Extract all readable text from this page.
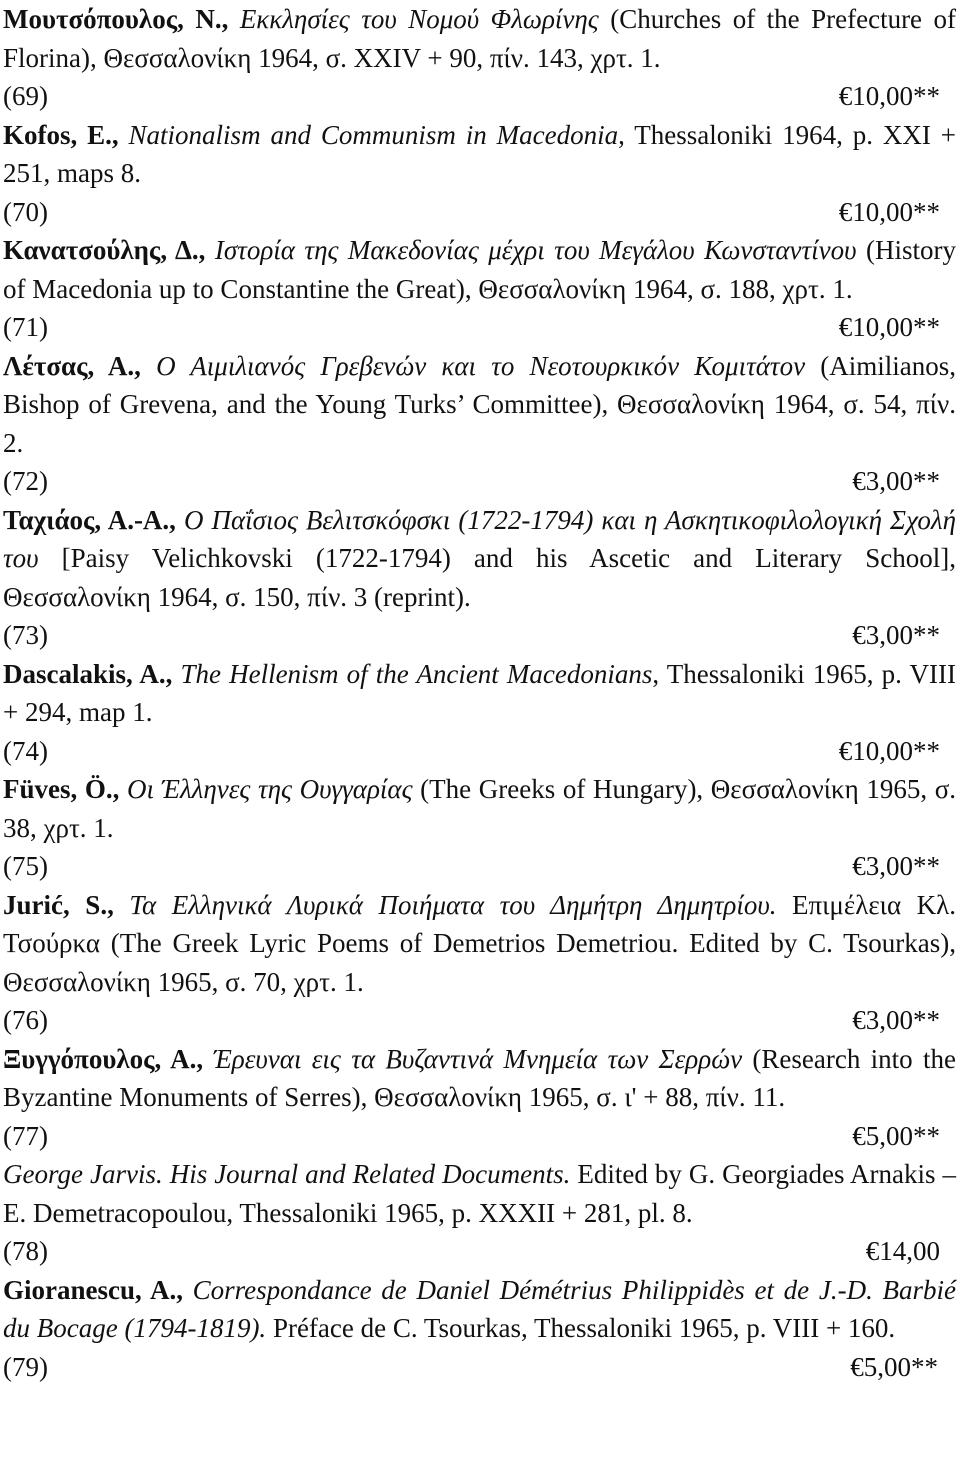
Μουτσόπουλος, Ν., Εκκλησίες του Νομού Φλωρίνης (Churches of the Prefecture of Florina), Θεσσαλονίκη 1964, σ. XXIV + 90, πίν. 143, χρτ. 1.

(69)	€10,00**

Kofos, E., Nationalism and Communism in Macedonia, Thessaloniki 1964, p. XXI + 251, maps 8.

(70)	€10,00**

Κανατσούλης, Δ., Ιστορία της Μακεδονίας μέχρι του Μεγάλου Κωνσταντίνου (History of Macedonia up to Constantine the Great), Θεσσαλονίκη 1964, σ. 188, χρτ. 1.

(71)	€10,00**

Λέτσας, Α., Ο Αιμιλιανός Γρεβενών και το Νεοτουρκικόν Κομιτάτον (Aimilianos, Bishop of Grevena, and the Young Turks’ Committee), Θεσσαλονίκη 1964, σ. 54, πίν. 2.

(72)	€3,00**

Ταχιάος, Α.-Α., Ο Παΐσιος Βελιτσκόφσκι (1722-1794) και η Ασκητικοφιλολογική Σχολή του [Paisy Velichkovski (1722-1794) and his Ascetic and Literary School], Θεσσαλονίκη 1964, σ. 150, πίν. 3 (reprint).

(73)	€3,00**

Dascalakis, A., The Hellenism of the Ancient Macedonians, Thessaloniki 1965, p. VIII + 294, map 1.

(74)	€10,00**

Füves, Ö., Οι Έλληνες της Ουγγαρίας (The Greeks of Hungary), Θεσσαλονίκη 1965, σ. 38, χρτ. 1.

(75)	€3,00**

Jurić, S., Τα Ελληνικά Λυρικά Ποιήματα του Δημήτρη Δημητρίου. Επιμέλεια Κλ. Τσούρκα (The Greek Lyric Poems of Demetrios Demetriou. Edited by C. Tsourkas), Θεσσαλονίκη 1965, σ. 70, χρτ. 1.

(76)	€3,00**

Ξυγγόπουλος, Α., Έρευναι εις τα Βυζαντινά Μνημεία των Σερρών (Research into the Byzantine Monuments of Serres), Θεσσαλονίκη 1965, σ. ι' + 88, πίν. 11.

(77)	€5,00**

George Jarvis. His Journal and Related Documents. Edited by G. Georgiades Arnakis – E. Demetracopoulou, Thessaloniki 1965, p. XXXII + 281, pl. 8.

(78)	€14,00

Gioranescu, A., Correspondance de Daniel Démétrius Philippidès et de J.-D. Barbié du Bocage (1794-1819). Préface de C. Tsourkas, Thessaloniki 1965, p. VIII + 160.

(79)	€5,00**
